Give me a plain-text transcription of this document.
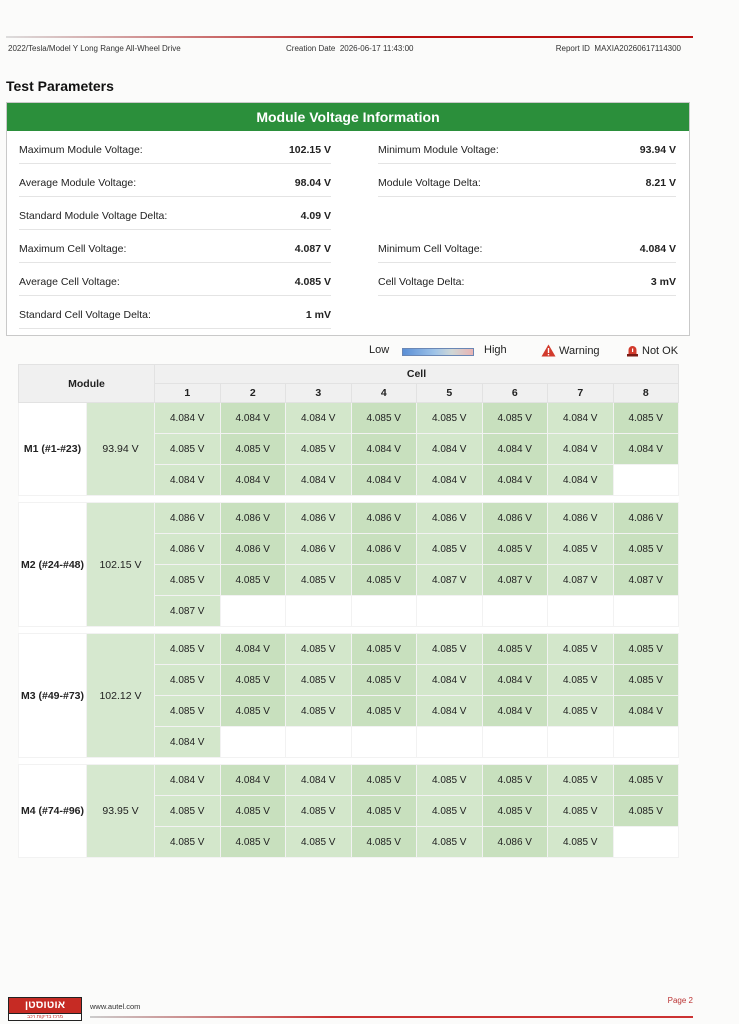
2022/Tesla/Model Y Long Range All-Wheel Drive	Creation Date 2026-06-17 11:43:00	Report ID MAXIA20260617114300
Test Parameters
Module Voltage Information
Maximum Module Voltage:	102.15 V
Average Module Voltage:	98.04 V
Standard Module Voltage Delta:	4.09 V
Maximum Cell Voltage:	4.087 V
Average Cell Voltage:	4.085 V
Standard Cell Voltage Delta:	1 mV
Minimum Module Voltage:	93.94 V
Module Voltage Delta:	8.21 V
Minimum Cell Voltage:	4.084 V
Cell Voltage Delta:	3 mV
Low	High	Warning	Not OK
Module		Cell							
		1	2	3	4	5	6	7	8
M1 (#1-#23)	93.94 V	4.084 V	4.084 V	4.084 V	4.085 V	4.085 V	4.085 V	4.084 V	4.085 V
		4.085 V	4.085 V	4.085 V	4.084 V	4.084 V	4.084 V	4.084 V	4.084 V
		4.084 V	4.084 V	4.084 V	4.084 V	4.084 V	4.084 V	4.084 V	

M2 (#24-#48)	102.15 V	4.086 V	4.086 V	4.086 V	4.086 V	4.086 V	4.086 V	4.086 V	4.086 V
		4.086 V	4.086 V	4.086 V	4.086 V	4.085 V	4.085 V	4.085 V	4.085 V
		4.085 V	4.085 V	4.085 V	4.085 V	4.087 V	4.087 V	4.087 V	4.087 V
		4.087 V							

M3 (#49-#73)	102.12 V	4.085 V	4.084 V	4.085 V	4.085 V	4.085 V	4.085 V	4.085 V	4.085 V
		4.085 V	4.085 V	4.085 V	4.085 V	4.084 V	4.084 V	4.085 V	4.085 V
		4.085 V	4.085 V	4.085 V	4.085 V	4.084 V	4.084 V	4.085 V	4.084 V
		4.084 V							

M4 (#74-#96)	93.95 V	4.084 V	4.084 V	4.084 V	4.085 V	4.085 V	4.085 V	4.085 V	4.085 V
		4.085 V	4.085 V	4.085 V	4.085 V	4.085 V	4.085 V	4.085 V	4.085 V
		4.085 V	4.085 V	4.085 V	4.085 V	4.085 V	4.086 V	4.085 V	
אוטוסטן
מרכז בדיקות רכב
www.autel.com
Page 2
